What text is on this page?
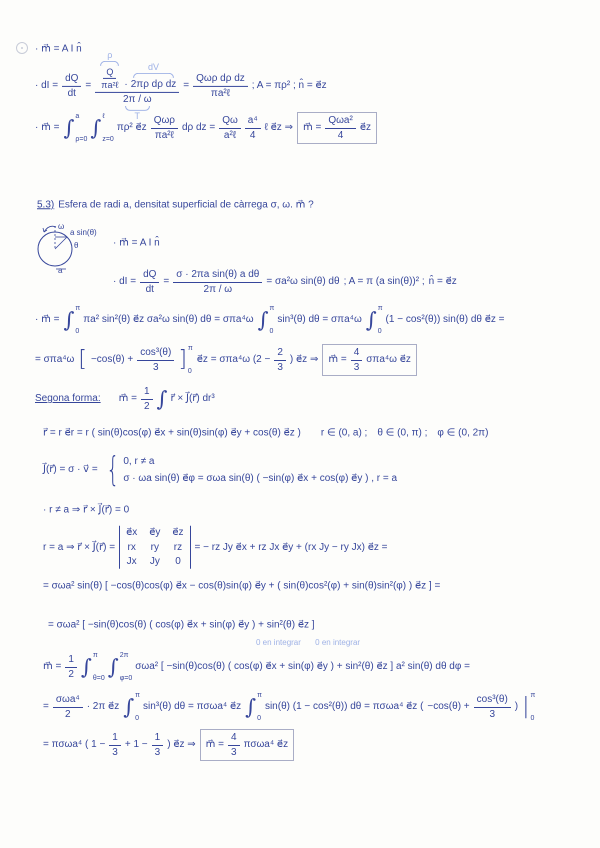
· m⃗ = A I n̂
· dI = $\frac{dQ}{dt}$ =
ρ
$\frac{Q}{\text{πa²ℓ}}$ ·
dV
2πρ dρ dz
2π / ω
T
= $\frac{\text{Qωρ dρ dz}}{\text{πa²ℓ}}$ ; A = πρ² ; n̂ = e⃗z
· m⃗ = ∫ a
ρ=0 ∫ ℓ
z=0
πρ² e⃗z $\frac{\text{Qωρ}}{\text{πa²ℓ}}$ dρ dz = $\frac{Q\omega}{\text{a²ℓ}} \frac{\text{a⁴}}{4}$ ℓ e⃗z ⇒ m⃗ = $\frac{\text{Qωa²}}{4}$ e⃗z
5.3) Esfera de radi a, densitat superficial de càrrega σ, ω. m⃗ ?
ω
a sin(θ)
θ
a
· m⃗ = A I n̂
· dI = $\frac{dQ}{dt} = \frac{\text{σ · 2πa sin(θ) a dθ}}{2\pi / \omega} = \sigma a^2\omega$ sin(θ) dθ ; A = π (a sin(θ))² ; n̂ = e⃗z
· m⃗ = ∫ π
0
πa² sin²(θ) e⃗z σa²ω sin(θ) dθ = σπa⁴ω ∫ π
0
sin³(θ) dθ = σπa⁴ω ∫ π
0
(1 − cos²(θ)) sin(θ) dθ e⃗z =
= σπa⁴ω [ $-\cos(\theta) + \frac{\text{cos³(θ)}}{3}$ ] π
0
e⃗z = σπa⁴ω ($2 - \frac{2}{3}$ ) e⃗z ⇒ m⃗ = $\frac{4}{3} \sigma\pi a^4\omega$ e⃗z
Segona forma: m⃗ = $\frac{1}{2}$ ∫ r⃗ × J⃗(r⃗) dr³
r⃗ = r e⃗r = r ( sin(θ)cos(φ) e⃗x + sin(θ)sin(φ) e⃗y + cos(θ) e⃗z ) r ∈ (0, a) ; θ ∈ (0, π) ; φ ∈ (0, 2π)
J⃗(r⃗) = σ · v⃗ = { 0, r ≠ a
σ · ωa sin(θ) e⃗φ = σωa sin(θ) ( −sin(φ) e⃗x + cos(φ) e⃗y ) , r = a
· r ≠ a ⇒ r⃗ × J⃗(r⃗) = 0
r = a ⇒ r⃗ × J⃗(r⃗) =
e⃗x e⃗y e⃗z
rx ry rz
Jx Jy 0
= − rz Jy e⃗x + rz Jx e⃗y + (rx Jy − ry Jx) e⃗z =
= σωa² sin(θ) [ −cos(θ)cos(φ) e⃗x − cos(θ)sin(φ) e⃗y + ( sin(θ)cos²(φ) + sin(θ)sin²(φ) ) e⃗z ] =
= σωa² [ −sin(θ)cos(θ) ( cos(φ) e⃗x + sin(φ) e⃗y ) + sin²(θ) e⃗z ]
0 en integrar 0 en integrar
m⃗ = $\frac{1}{2}$ ∫ π
θ=0 ∫ 2π
φ=0
σωa² [ −sin(θ)cos(θ) ( cos(φ) e⃗x + sin(φ) e⃗y ) + sin²(θ) e⃗z ] a² sin(θ) dθ dφ =
= $\frac{\text{σωa⁴}}{2} \cdot 2\pi$ e⃗z ∫ π
0
sin³(θ) dθ = πσωa⁴ e⃗z ∫ π
0
sin(θ) (1 − cos²(θ)) dθ = πσωa⁴ e⃗z ( $-\cos(\theta) + \frac{\text{cos³(θ)}}{3}$ ) | π
0
= πσωa⁴ ( $1 - \frac{1}{3} + 1 - \frac{1}{3}$ ) e⃗z ⇒ m⃗ = $\frac{4}{3} \pi\sigma\omega a^4$ e⃗z
